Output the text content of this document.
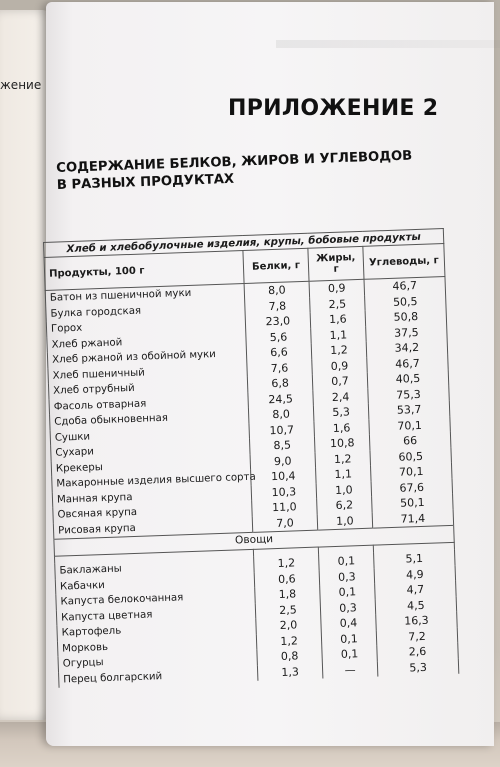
жение
ПРИЛОЖЕНИЕ 2
СОДЕРЖАНИЕ БЕЛКОВ, ЖИРОВ И УГЛЕВОДОВ
В РАЗНЫХ ПРОДУКТАХ
Хлеб и хлебобулочные изделия, крупы, бобовые продукты			
Продукты, 100 г	Белки, г	Жиры, г	Углеводы, г
Батон из пшеничной муки	8,0	0,9	46,7
Булка городская	7,8	2,5	50,5
Горох	23,0	1,6	50,8
Хлеб ржаной	5,6	1,1	37,5
Хлеб ржаной из обойной муки	6,6	1,2	34,2
Хлеб пшеничный	7,6	0,9	46,7
Хлеб отрубный	6,8	0,7	40,5
Фасоль отварная	24,5	2,4	75,3
Сдоба обыкновенная	8,0	5,3	53,7
Сушки	10,7	1,6	70,1
Сухари	8,5	10,8	66
Крекеры	9,0	1,2	60,5
Макаронные изделия высшего сорта	10,4	1,1	70,1
Манная крупа	10,3	1,0	67,6
Овсяная крупа	11,0	6,2	50,1
Рисовая крупа	7,0	1,0	71,4
Овощи			

Баклажаны	1,2	0,1	5,1
Кабачки	0,6	0,3	4,9
Капуста белокочанная	1,8	0,1	4,7
Капуста цветная	2,5	0,3	4,5
Картофель	2,0	0,4	16,3
Морковь	1,2	0,1	7,2
Огурцы	0,8	0,1	2,6
Перец болгарский	1,3	—	5,3
